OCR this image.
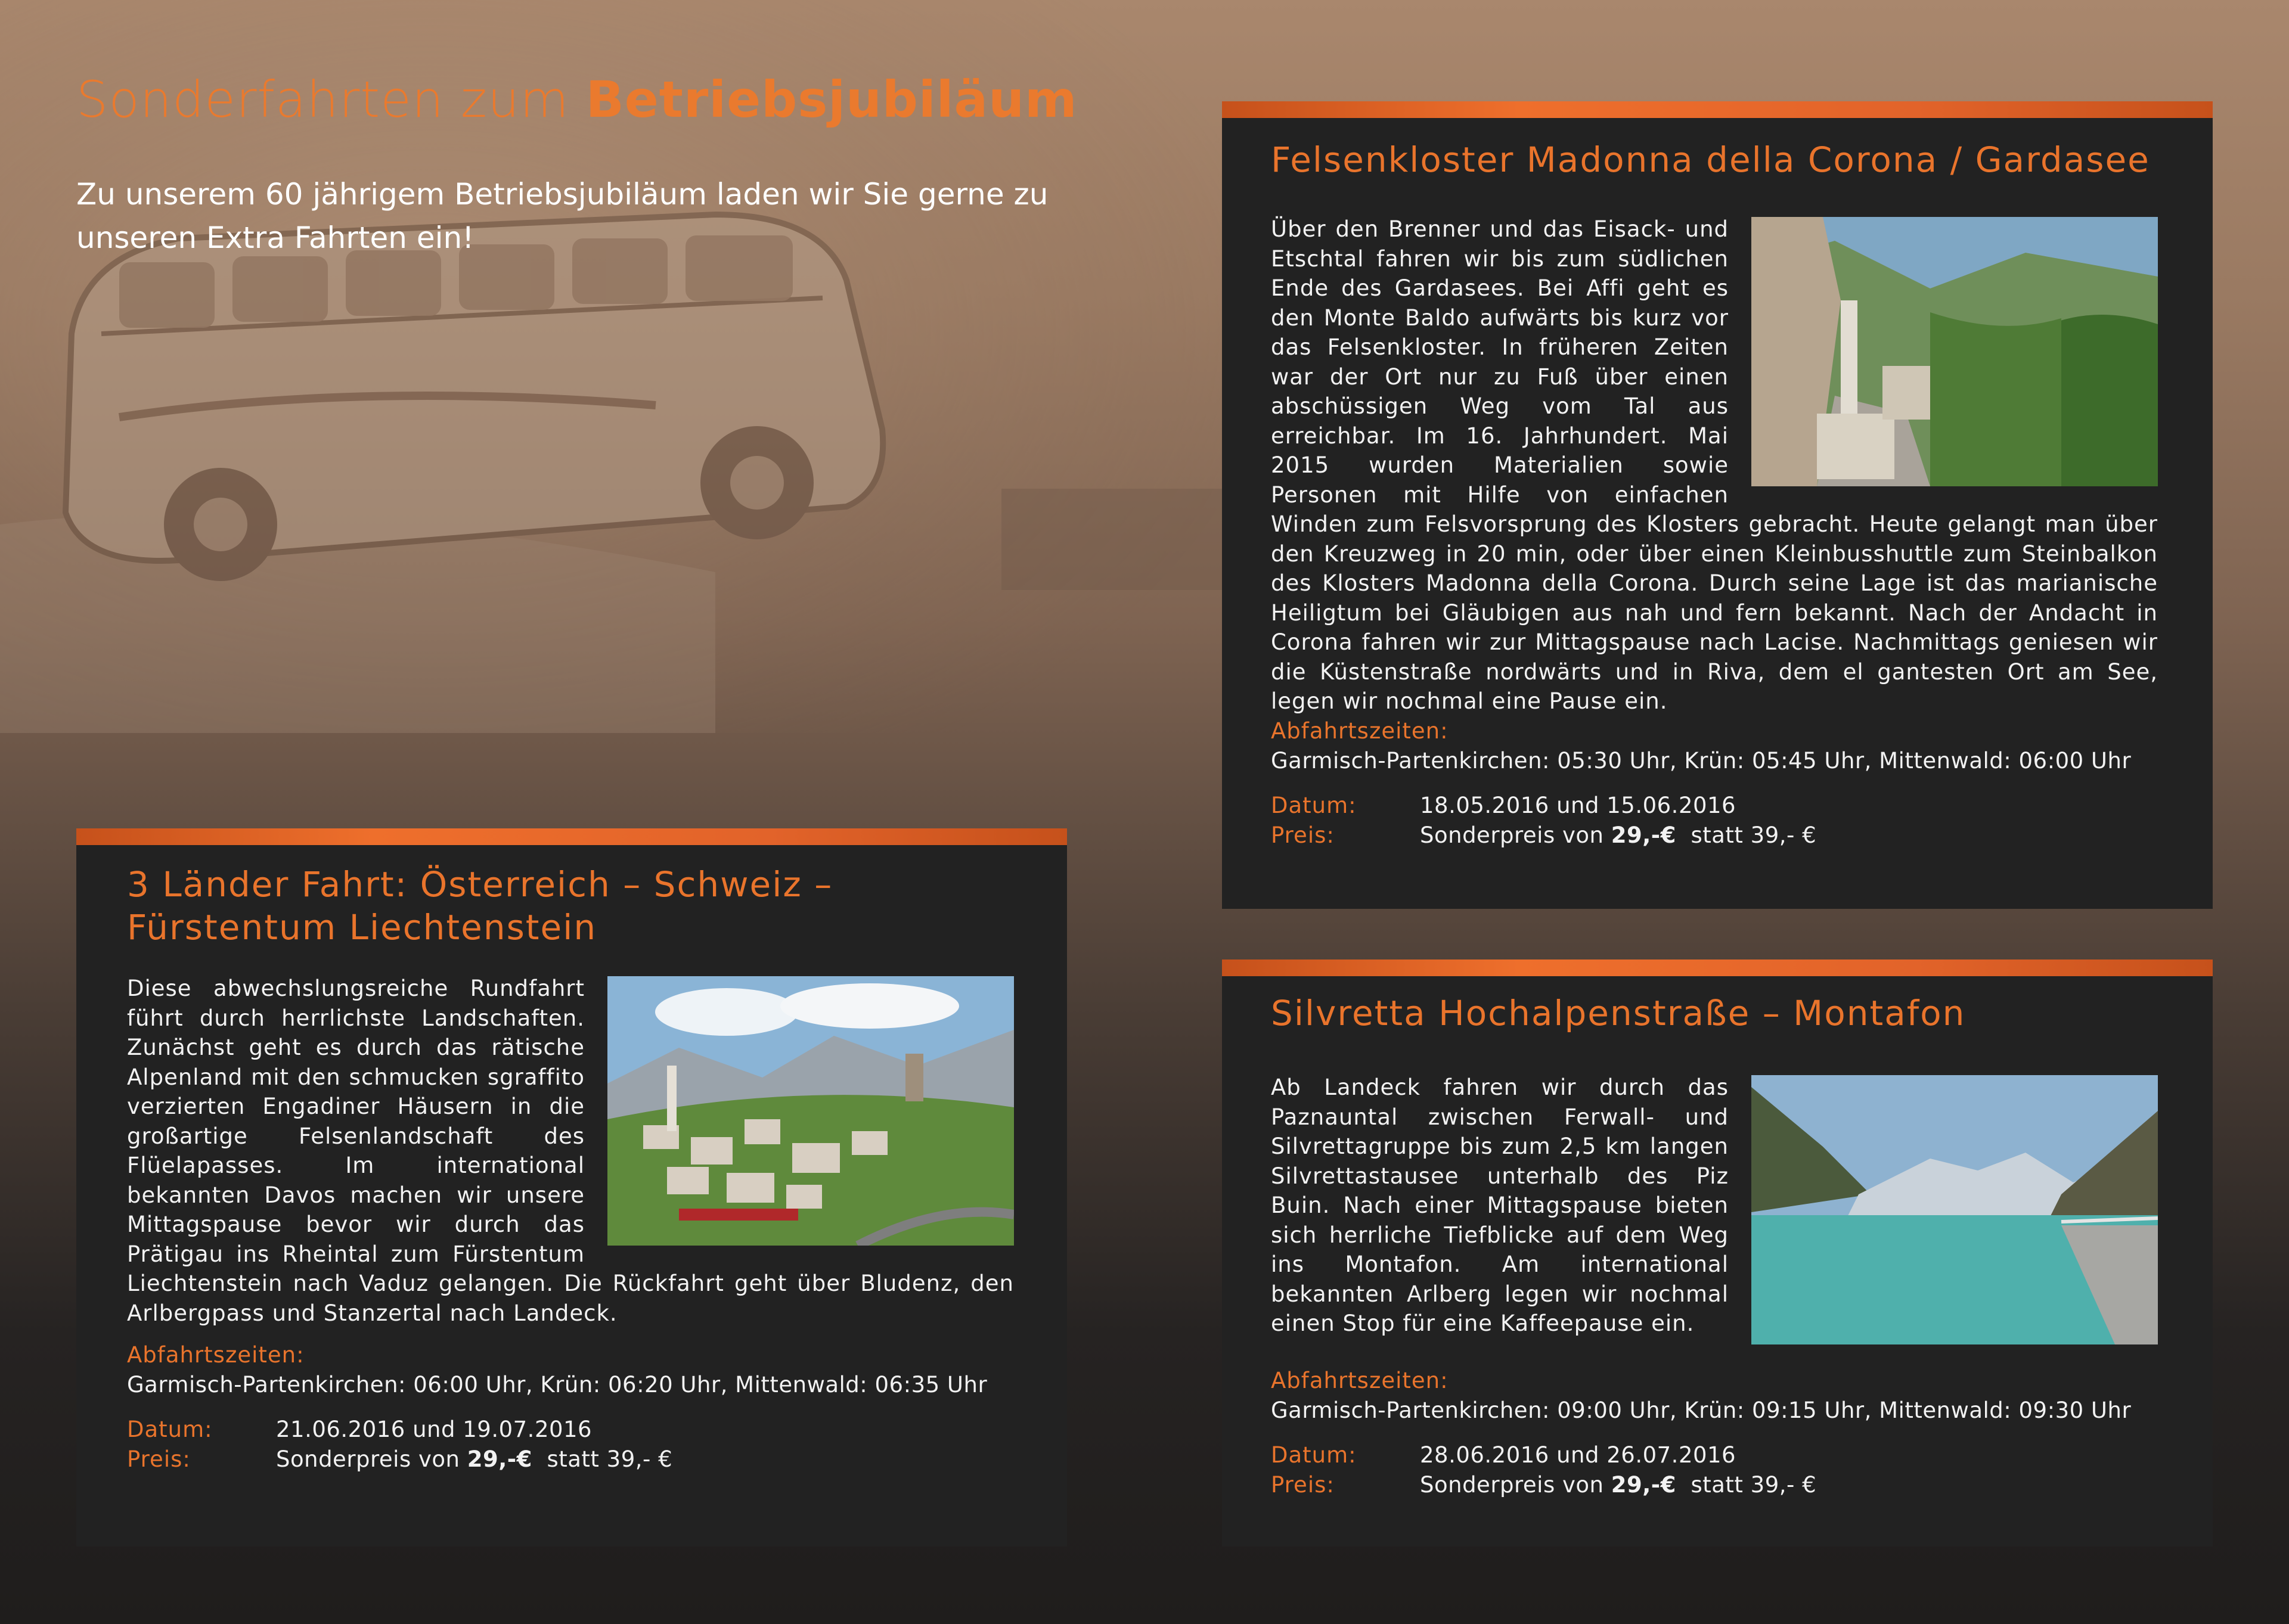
Sonderfahrten zum Betriebsjubiläum
Zu unserem 60 jährigem Betriebsjubiläum laden wir Sie gerne zu unseren Extra Fahrten ein!
Felsenkloster Madonna della Corona / Gardasee
Über den Brenner und das Eisack- und Etschtal fahren wir bis zum südlichen Ende des Gardasees. Bei Affi geht es den Monte Baldo aufwärts bis kurz vor das Felsenkloster. In früheren Zeiten war der Ort nur zu Fuß über einen abschüssigen Weg vom Tal aus erreichbar. Im 16. Jahrhundert. Mai 2015 wurden Materialien sowie Personen mit Hilfe von einfachen Winden zum Felsvorsprung des Klosters gebracht. Heute gelangt man über den Kreuzweg in 20 min, oder über einen Kleinbusshuttle zum Steinbalkon des Klosters Madonna della Corona. Durch seine Lage ist das marianische Heiligtum bei Gläubigen aus nah und fern bekannt. Nach der Andacht in Corona fahren wir zur Mittagspause nach Lacise. Nachmittags geniesen wir die Küstenstraße nordwärts und in Riva, dem el gantesten Ort am See, legen wir nochmal eine Pause ein.
Abfahrtszeiten:
Garmisch-Partenkirchen: 05:30 Uhr, Krün: 05:45 Uhr, Mittenwald: 06:00 Uhr
Datum:	18.05.2016 und 15.06.2016
Preis:	Sonderpreis von 29,-€ statt 39,- €
3 Länder Fahrt: Österreich – Schweiz – Fürstentum Liechtenstein
Diese abwechslungsreiche Rundfahrt führt durch herrlichste Landschaften. Zunächst geht es durch das rätische Alpenland mit den schmucken sgraffito verzierten Engadiner Häusern in die großartige Felsenlandschaft des Flüelapasses. Im international bekannten Davos machen wir unsere Mittagspause bevor wir durch das Prätigau ins Rheintal zum Fürstentum Liechtenstein nach Vaduz gelangen. Die Rückfahrt geht über Bludenz, den Arlbergpass und Stanzertal nach Landeck.
Abfahrtszeiten:
Garmisch-Partenkirchen: 06:00 Uhr, Krün: 06:20 Uhr, Mittenwald: 06:35 Uhr
Datum:	21.06.2016 und 19.07.2016
Preis:	Sonderpreis von 29,-€ statt 39,- €
Silvretta Hochalpenstraße – Montafon
Ab Landeck fahren wir durch das Paznauntal zwischen Ferwall- und Silvrettagruppe bis zum 2,5 km langen Silvrettastausee unterhalb des Piz Buin. Nach einer Mittagspause bieten sich herrliche Tiefblicke auf dem Weg ins Montafon. Am international bekannten Arlberg legen wir nochmal einen Stop für eine Kaffeepause ein.
Abfahrtszeiten:
Garmisch-Partenkirchen: 09:00 Uhr, Krün: 09:15 Uhr, Mittenwald: 09:30 Uhr
Datum:	28.06.2016 und 26.07.2016
Preis:	Sonderpreis von 29,-€ statt 39,- €
